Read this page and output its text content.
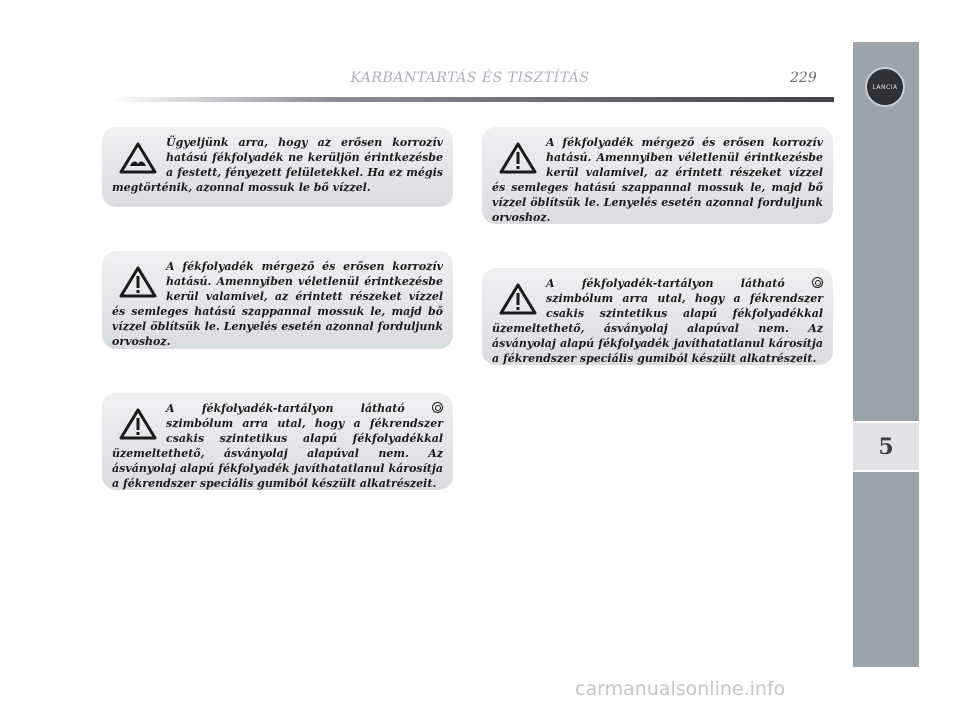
KARBANTARTÁS ÉS TISZTÍTÁS	229
LANCIA
5

Ügyeljünk arra, hogy az erősen korrozív hatású fékfolyadék ne kerüljön érintkezésbe a festett, fényezett felületekkel. Ha ez mégis megtörténik, azonnal mossuk le bő vízzel.

A fékfolyadék mérgező és erősen korrozív hatású. Amennyiben véletlenül érintkezésbe kerül valamivel, az érintett részeket vízzel és semleges hatású szappannal mossuk le, majd bő vízzel öblítsük le. Lenyelés esetén azonnal forduljunk orvoshoz.

A fékfolyadék-tartályon látható  szimbólum arra utal, hogy a fékrendszer csakis szintetikus alapú fékfolyadékkal üzemeltethető, ásványolaj alapúval nem. Az ásványolaj alapú fékfolyadék javíthatatlanul károsítja a fékrendszer speciális gumiból készült alkatrészeit.

A fékfolyadék mérgező és erősen korrozív hatású. Amennyiben véletlenül érintkezésbe kerül valamivel, az érintett részeket vízzel és semleges hatású szappannal mossuk le, majd bő vízzel öblítsük le. Lenyelés esetén azonnal forduljunk orvoshoz.

A fékfolyadék-tartályon látható  szimbólum arra utal, hogy a fékrendszer csakis szintetikus alapú fékfolyadékkal üzemeltethető, ásványolaj alapúval nem. Az ásványolaj alapú fékfolyadék javíthatatlanul károsítja a fékrendszer speciális gumiból készült alkatrészeit.

carmanualsonline.info
